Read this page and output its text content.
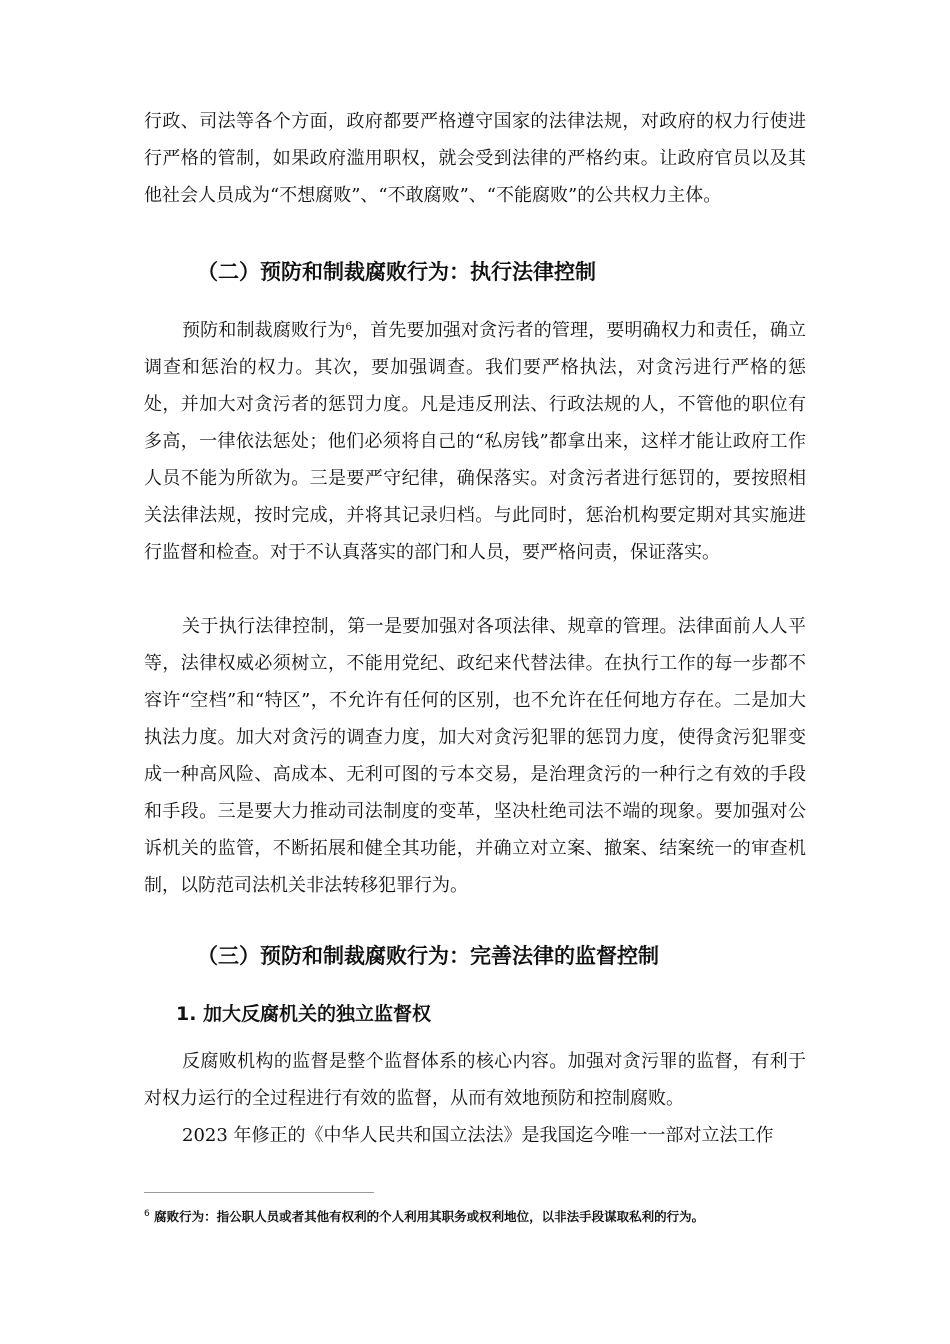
行政、司法等各个方面，政府都要严格遵守国家的法律法规，对政府的权力行使进行严格的管制，如果政府滥用职权，就会受到法律的严格约束。让政府官员以及其他社会人员成为“不想腐败”、“不敢腐败”、“不能腐败”的公共权力主体。

（二）预防和制裁腐败行为：执行法律控制

预防和制裁腐败行为$^6$，首先要加强对贪污者的管理，要明确权力和责任，确立调查和惩治的权力。其次，要加强调查。我们要严格执法，对贪污进行严格的惩处，并加大对贪污者的惩罚力度。凡是违反刑法、行政法规的人，不管他的职位有多高，一律依法惩处；他们必须将自己的“私房钱”都拿出来，这样才能让政府工作人员不能为所欲为。三是要严守纪律，确保落实。对贪污者进行惩罚的，要按照相关法律法规，按时完成，并将其记录归档。与此同时，惩治机构要定期对其实施进行监督和检查。对于不认真落实的部门和人员，要严格问责，保证落实。

关于执行法律控制，第一是要加强对各项法律、规章的管理。法律面前人人平等，法律权威必须树立，不能用党纪、政纪来代替法律。在执行工作的每一步都不容许“空档”和“特区”，不允许有任何的区别，也不允许在任何地方存在。二是加大执法力度。加大对贪污的调查力度，加大对贪污犯罪的惩罚力度，使得贪污犯罪变成一种高风险、高成本、无利可图的亏本交易，是治理贪污的一种行之有效的手段和手段。三是要大力推动司法制度的变革，坚决杜绝司法不端的现象。要加强对公诉机关的监管，不断拓展和健全其功能，并确立对立案、撤案、结案统一的审查机制，以防范司法机关非法转移犯罪行为。

（三）预防和制裁腐败行为：完善法律的监督控制
1. 加大反腐机关的独立监督权

反腐败机构的监督是整个监督体系的核心内容。加强对贪污罪的监督，有利于对权力运行的全过程进行有效的监督，从而有效地预防和控制腐败。

2023 年修正的《中华人民共和国立法法》是我国迄今唯一一部对立法工作

$^6$ 腐败行为：指公职人员或者其他有权利的个人利用其职务或权利地位，以非法手段谋取私利的行为。
